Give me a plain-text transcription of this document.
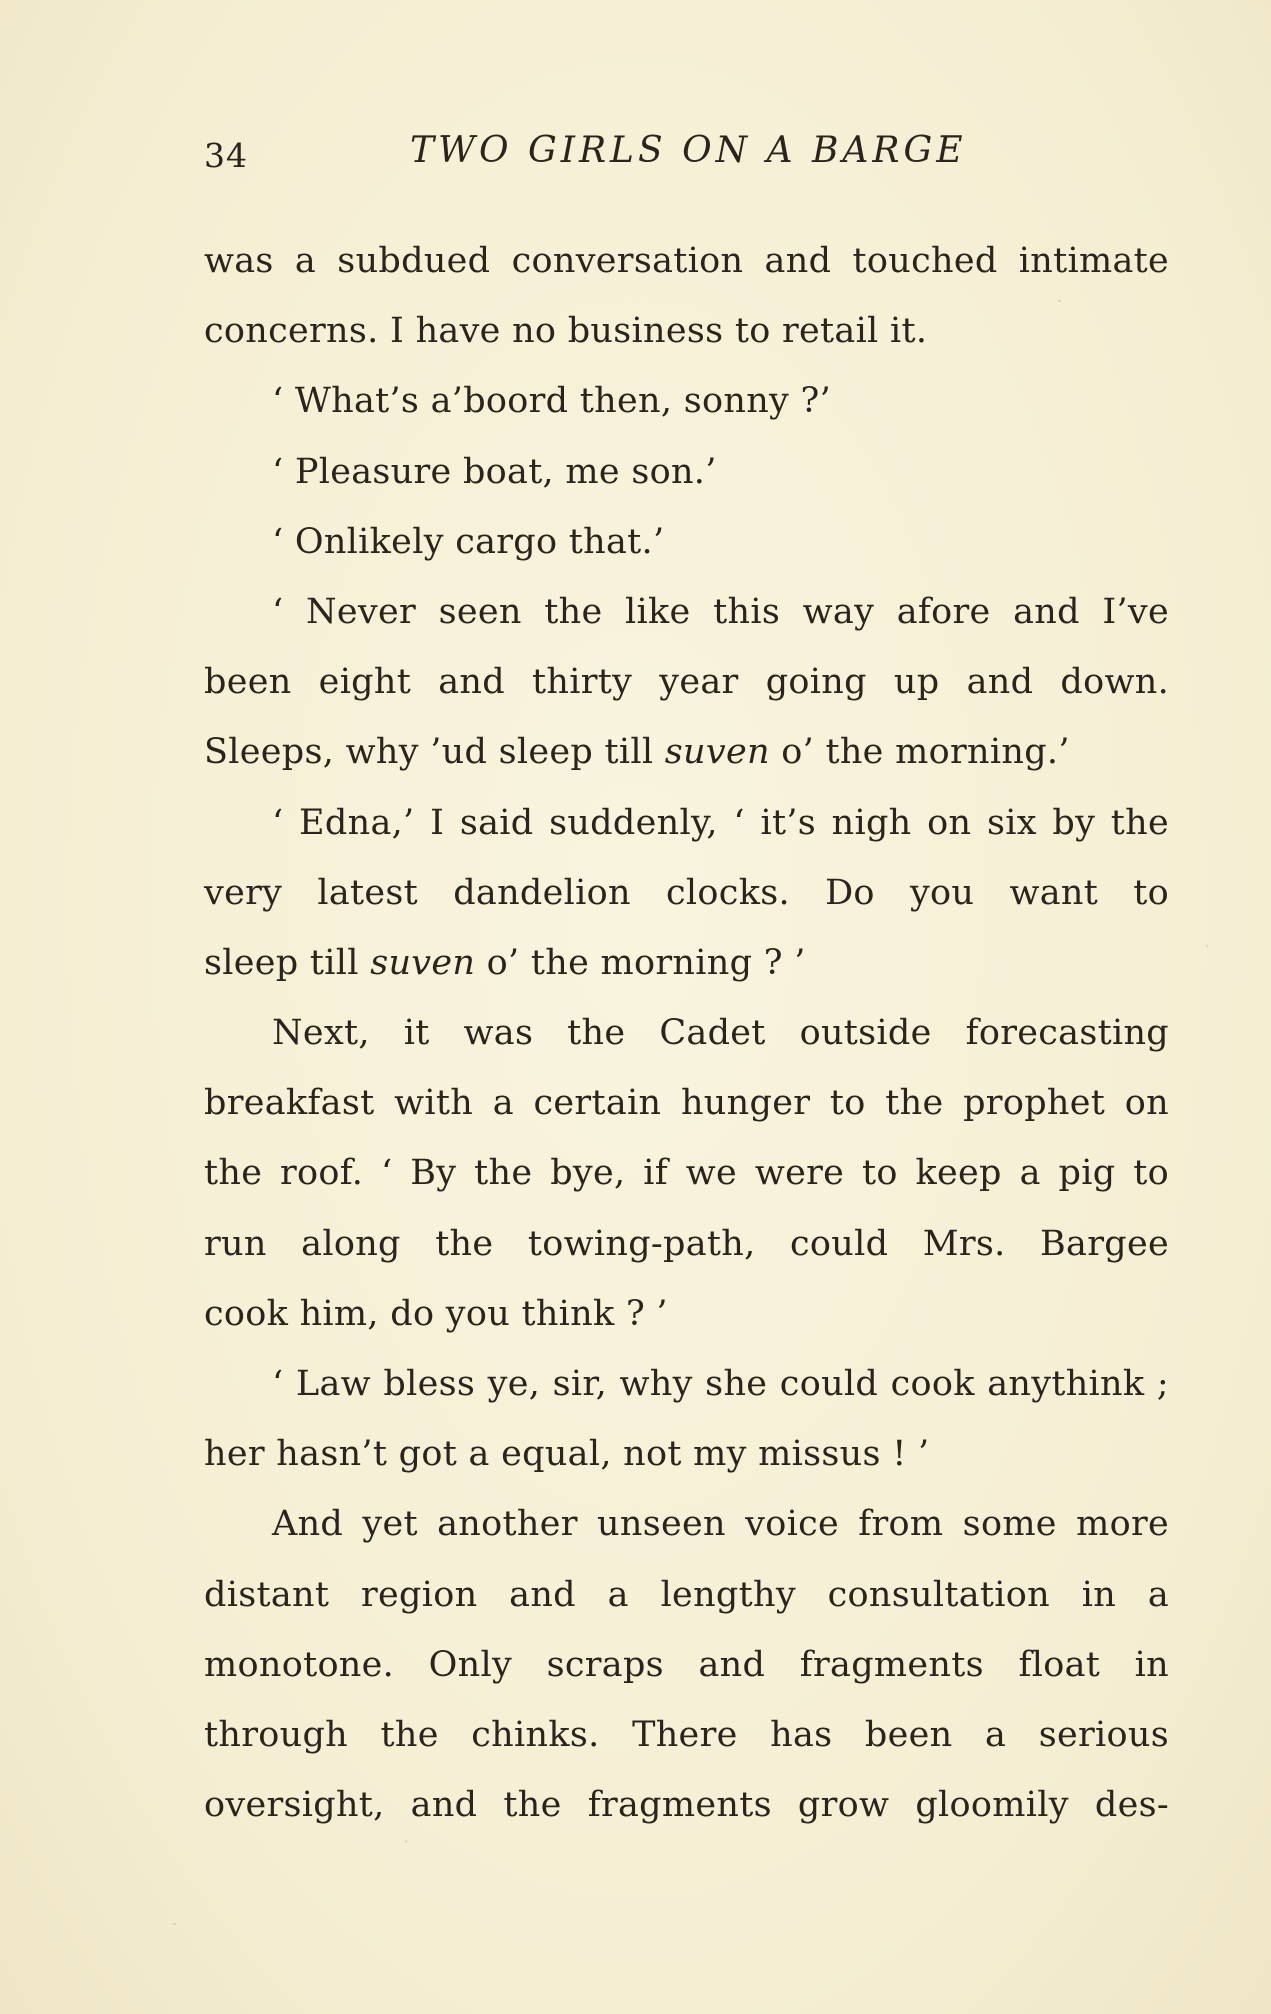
34	TWO GIRLS ON A BARGE
was a subdued conversation and touched intimate
concerns. I have no business to retail it.
‘ What’s a’boord then, sonny ?’
‘ Pleasure boat, me son.’
‘ Onlikely cargo that.’
‘ Never seen the like this way afore and I’ve
been eight and thirty year going up and down.
Sleeps, why ’ud sleep till suven o’ the morning.’
‘ Edna,’ I said suddenly, ‘ it’s nigh on six by the
very latest dandelion clocks. Do you want to
sleep till suven o’ the morning ? ’
Next, it was the Cadet outside forecasting
breakfast with a certain hunger to the prophet on
the roof. ‘ By the bye, if we were to keep a pig to
run along the towing-path, could Mrs. Bargee
cook him, do you think ? ’
‘ Law bless ye, sir, why she could cook anythink ;
her hasn’t got a equal, not my missus ! ’
And yet another unseen voice from some more
distant region and a lengthy consultation in a
monotone. Only scraps and fragments float in
through the chinks. There has been a serious
oversight, and the fragments grow gloomily des-
